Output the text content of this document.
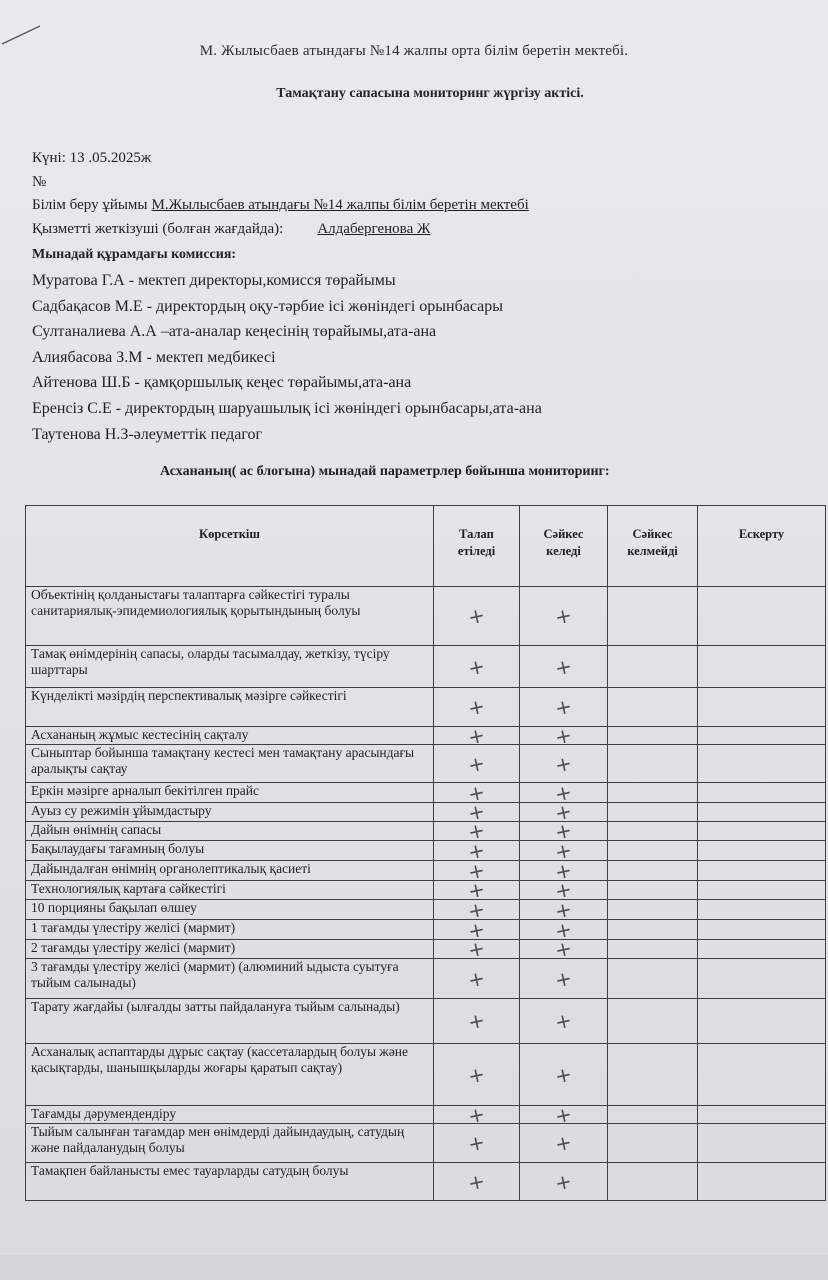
М. Жылысбаев атындағы №14 жалпы орта білім беретін мектебі.
Тамақтану сапасына мониторинг жүргізу актісі.
Күні: 13 .05.2025ж
№
Білім беру ұйымы М.Жылысбаев атындағы №14 жалпы білім беретін мектебі
Қызметті жеткізуші (болған жағдайда): Алдабергенова Ж
Мынадай құрамдағы комиссия:
Муратова Г.А - мектеп директоры,комисся төрайымы
Садбақасов М.Е - директордың оқу-тәрбие ісі жөніндегі орынбасары
Султаналиева А.А –ата-аналар кеңесінің төрайымы,ата-ана
Алиябасова З.М - мектеп медбикесі
Айтенова Ш.Б - қамқоршылық кеңес төрайымы,ата-ана
Еренсіз С.Е - директордың шаруашылық ісі жөніндегі орынбасары,ата-ана
Таутенова Н.З-әлеуметтік педагог
Асхананың( ас блогына) мынадай параметрлер бойынша мониторинг:
Көрсеткіш	Талап етіледі	Сәйкес келеді	Сәйкес келмейді	Ескерту
Объектінің қолданыстағы талаптарға сәйкестігі туралы санитариялық-эпидемиологиялық қорытындының болуы	+	+		
Тамақ өнімдерінің сапасы, оларды тасымалдау, жеткізу, түсіру шарттары	+	+		
Күнделікті мәзірдің перспективалық мәзірге сәйкестігі	+	+		
Асхананың жұмыс кестесінің сақталу	+	+		
Сыныптар бойынша тамақтану кестесі мен тамақтану арасындағы аралықты сақтау	+	+		
Еркін мәзірге арналып бекітілген прайс	+	+		
Ауыз су режимін ұйымдастыру	+	+		
Дайын өнімнің сапасы	+	+		
Бақылаудағы тағамның болуы	+	+		
Дайындалған өнімнің органолептикалық қасиеті	+	+		
Технологиялық картаға сәйкестігі	+	+		
10 порцияны бақылап өлшеу	+	+		
1 тағамды үлестіру желісі (мармит)	+	+		
2 тағамды үлестіру желісі (мармит)	+	+		
3 тағамды үлестіру желісі (мармит) (алюминий ыдыста суытуға тыйым салынады)	+	+		
Тарату жағдайы (ылғалды затты пайдалануға тыйым салынады)	+	+		
Асханалық аспаптарды дұрыс сақтау (кассеталардың болуы және қасықтарды, шанышқыларды жоғары қаратып сақтау)	+	+		
Тағамды дәрумендендіру	+	+		
Тыйым салынған тағамдар мен өнімдерді дайындаудың, сатудың және пайдаланудың болуы	+	+		
Тамақпен байланысты емес тауарларды сатудың болуы	+	+		
